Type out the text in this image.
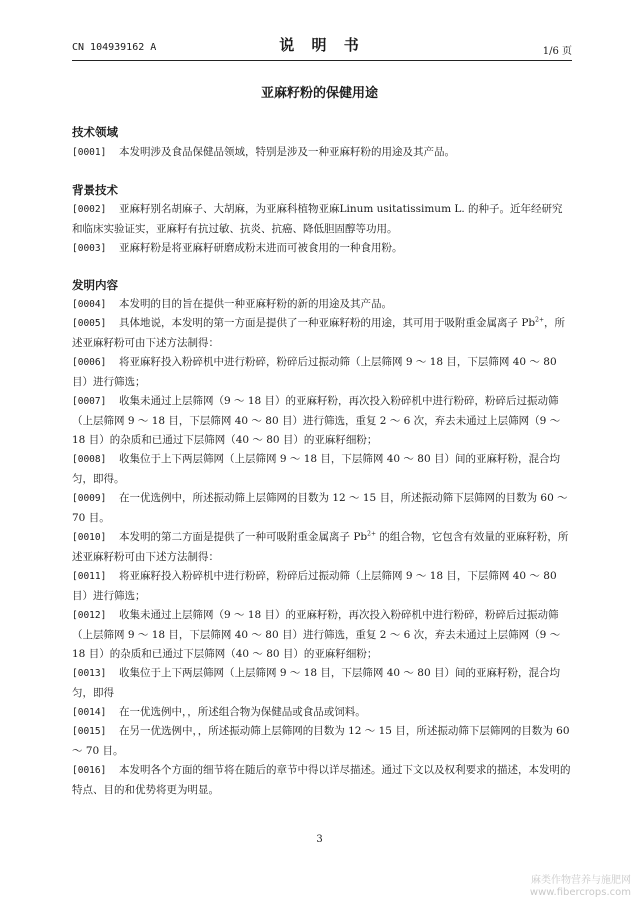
CN 104939162 A	说 明 书	1/6 页
亚麻籽粉的保健用途
技术领域
[0001] 本发明涉及食品保健品领域，特别是涉及一种亚麻籽粉的用途及其产品。
背景技术
[0002] 亚麻籽别名胡麻子、大胡麻，为亚麻科植物亚麻Linum usitatissimum L. 的种子。近年经研究和临床实验证实，亚麻籽有抗过敏、抗炎、抗癌、降低胆固醇等功用。
[0003] 亚麻籽粉是将亚麻籽研磨成粉末进而可被食用的一种食用粉。
发明内容
[0004] 本发明的目的旨在提供一种亚麻籽粉的新的用途及其产品。
[0005] 具体地说，本发明的第一方面是提供了一种亚麻籽粉的用途，其可用于吸附重金属离子 $Pb^{2+}$，所述亚麻籽粉可由下述方法制得：
[0006] 将亚麻籽投入粉碎机中进行粉碎，粉碎后过振动筛（上层筛网 9 ～ 18 目，下层筛网 40 ～ 80 目）进行筛选；
[0007] 收集未通过上层筛网（9 ～ 18 目）的亚麻籽粉，再次投入粉碎机中进行粉碎，粉碎后过振动筛（上层筛网 9 ～ 18 目，下层筛网 40 ～ 80 目）进行筛选，重复 2 ～ 6 次，弃去未通过上层筛网（9 ～ 18 目）的杂质和已通过下层筛网（40 ～ 80 目）的亚麻籽细粉；
[0008] 收集位于上下两层筛网（上层筛网 9 ～ 18 目，下层筛网 40 ～ 80 目）间的亚麻籽粉，混合均匀，即得。
[0009] 在一优选例中，所述振动筛上层筛网的目数为 12 ～ 15 目，所述振动筛下层筛网的目数为 60 ～ 70 目。
[0010] 本发明的第二方面是提供了一种可吸附重金属离子 $Pb^{2+}$ 的组合物，它包含有效量的亚麻籽粉，所述亚麻籽粉可由下述方法制得：
[0011] 将亚麻籽投入粉碎机中进行粉碎，粉碎后过振动筛（上层筛网 9 ～ 18 目，下层筛网 40 ～ 80 目）进行筛选；
[0012] 收集未通过上层筛网（9 ～ 18 目）的亚麻籽粉，再次投入粉碎机中进行粉碎，粉碎后过振动筛（上层筛网 9 ～ 18 目，下层筛网 40 ～ 80 目）进行筛选，重复 2 ～ 6 次，弃去未通过上层筛网（9 ～ 18 目）的杂质和已通过下层筛网（40 ～ 80 目）的亚麻籽细粉；
[0013] 收集位于上下两层筛网（上层筛网 9 ～ 18 目，下层筛网 40 ～ 80 目）间的亚麻籽粉，混合均匀，即得
[0014] 在一优选例中，，所述组合物为保健品或食品或饲料。
[0015] 在另一优选例中，，所述振动筛上层筛网的目数为 12 ～ 15 目，所述振动筛下层筛网的目数为 60 ～ 70 目。
[0016] 本发明各个方面的细节将在随后的章节中得以详尽描述。通过下文以及权利要求的描述，本发明的特点、目的和优势将更为明显。
3
麻类作物营养与施肥网
www.fibercrops.com
